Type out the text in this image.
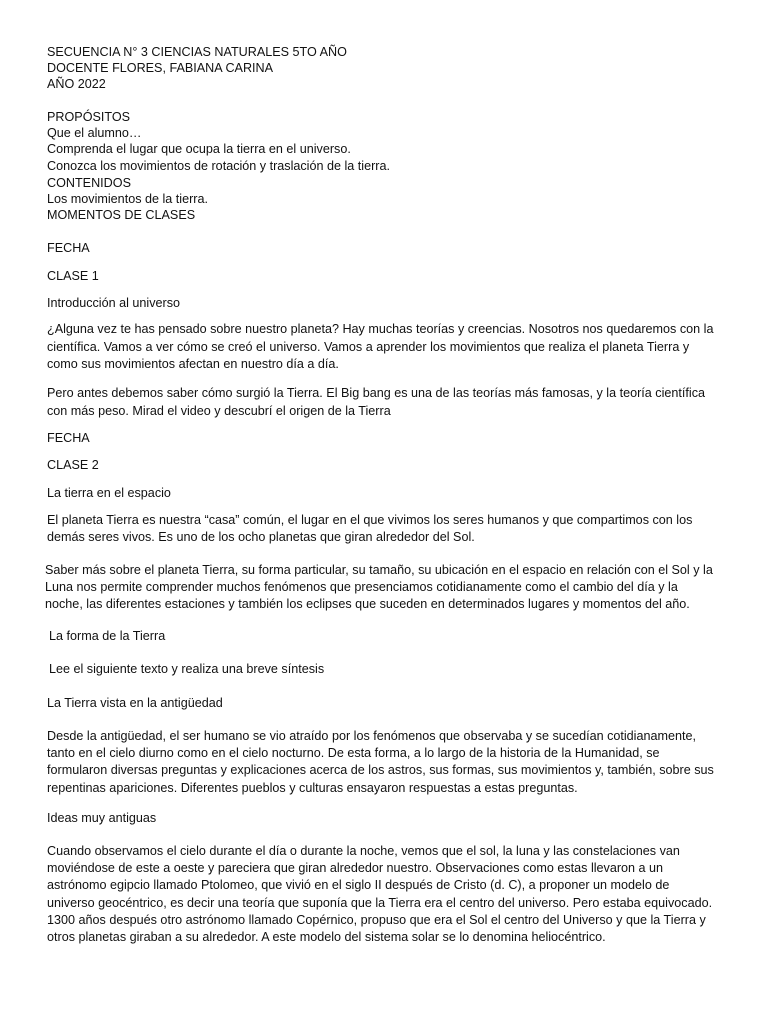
SECUENCIA N° 3 CIENCIAS NATURALES 5TO AÑO
DOCENTE FLORES, FABIANA CARINA
AÑO 2022
PROPÓSITOS
Que el alumno…
Comprenda el lugar que ocupa la tierra en el universo.
Conozca los movimientos de rotación y traslación de la tierra.
CONTENIDOS
Los movimientos de la tierra.
MOMENTOS DE CLASES
FECHA
CLASE 1
Introducción al universo
¿Alguna vez te has pensado sobre nuestro planeta? Hay muchas teorías y creencias. Nosotros nos quedaremos con la científica. Vamos a ver cómo se creó el universo. Vamos a aprender los movimientos que realiza el planeta Tierra y como sus movimientos afectan en nuestro día a día.
Pero antes debemos saber cómo surgió la Tierra. El Big bang es una de las teorías más famosas, y la teoría científica con más peso. Mirad el video y descubrí el origen de la Tierra
FECHA
CLASE 2
La tierra en el espacio
El planeta Tierra es nuestra “casa” común, el lugar en el que vivimos los seres humanos y que compartimos con los demás seres vivos. Es uno de los ocho planetas que giran alrededor del Sol.
Saber más sobre el planeta Tierra, su forma particular, su tamaño, su ubicación en el espacio en relación con el Sol y la Luna nos permite comprender muchos fenómenos que presenciamos cotidianamente como el cambio del día y la noche, las diferentes estaciones y también los eclipses que suceden en determinados lugares y momentos del año.
La forma de la Tierra
Lee el siguiente texto y realiza una breve síntesis
La Tierra vista en la antigüedad
Desde la antigüedad, el ser humano se vio atraído por los fenómenos que observaba y se sucedían cotidianamente, tanto en el cielo diurno como en el cielo nocturno. De esta forma, a lo largo de la historia de la Humanidad, se formularon diversas preguntas y explicaciones acerca de los astros, sus formas, sus movimientos y, también, sobre sus repentinas apariciones. Diferentes pueblos y culturas ensayaron respuestas a estas preguntas.
Ideas muy antiguas
Cuando observamos el cielo durante el día o durante la noche, vemos que el sol, la luna y las constelaciones van moviéndose de este a oeste y pareciera que giran alrededor nuestro. Observaciones como estas llevaron a un astrónomo egipcio llamado Ptolomeo, que vivió en el siglo II después de Cristo (d. C), a proponer un modelo de universo geocéntrico, es decir una teoría que suponía que la Tierra era el centro del universo. Pero estaba equivocado. 1300 años después otro astrónomo llamado Copérnico, propuso que era el Sol el centro del Universo y que la Tierra y otros planetas giraban a su alrededor. A este modelo del sistema solar se lo denomina heliocéntrico.
